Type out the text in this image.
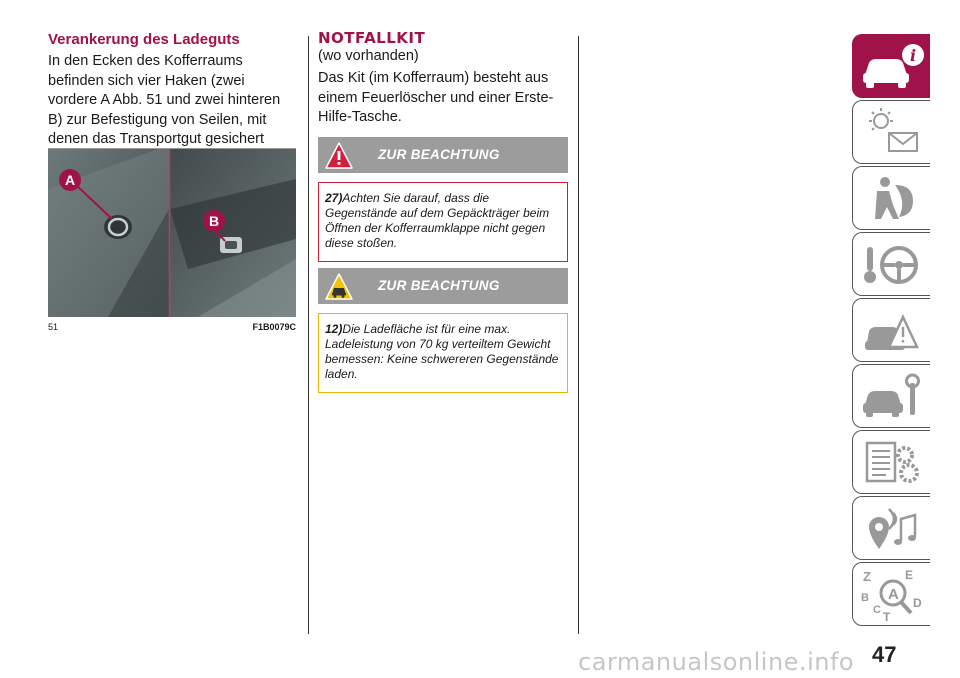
Verankerung des Ladeguts
In den Ecken des Kofferraums befinden sich vier Haken (zwei vordere A Abb. 51 und zwei hinteren B) zur Befestigung von Seilen, mit denen das Transportgut gesichert
A
B
51	F1B0079C
NOTFALLKIT
(wo vorhanden)
Das Kit (im Kofferraum) besteht aus einem Feuerlöscher und einer Erste-Hilfe-Tasche.
ZUR BEACHTUNG
27)Achten Sie darauf, dass die Gegenstände auf dem Gepäckträger beim Öffnen der Kofferraumklappe nicht gegen diese stoßen.
ZUR BEACHTUNG
12)Die Ladefläche ist für eine max. Ladeleistung von 70 kg verteiltem Gewicht bemessen: Keine schwereren Gegenstände laden.
i
Z	E
A
B
C T
D
47
carmanualsonline.info
